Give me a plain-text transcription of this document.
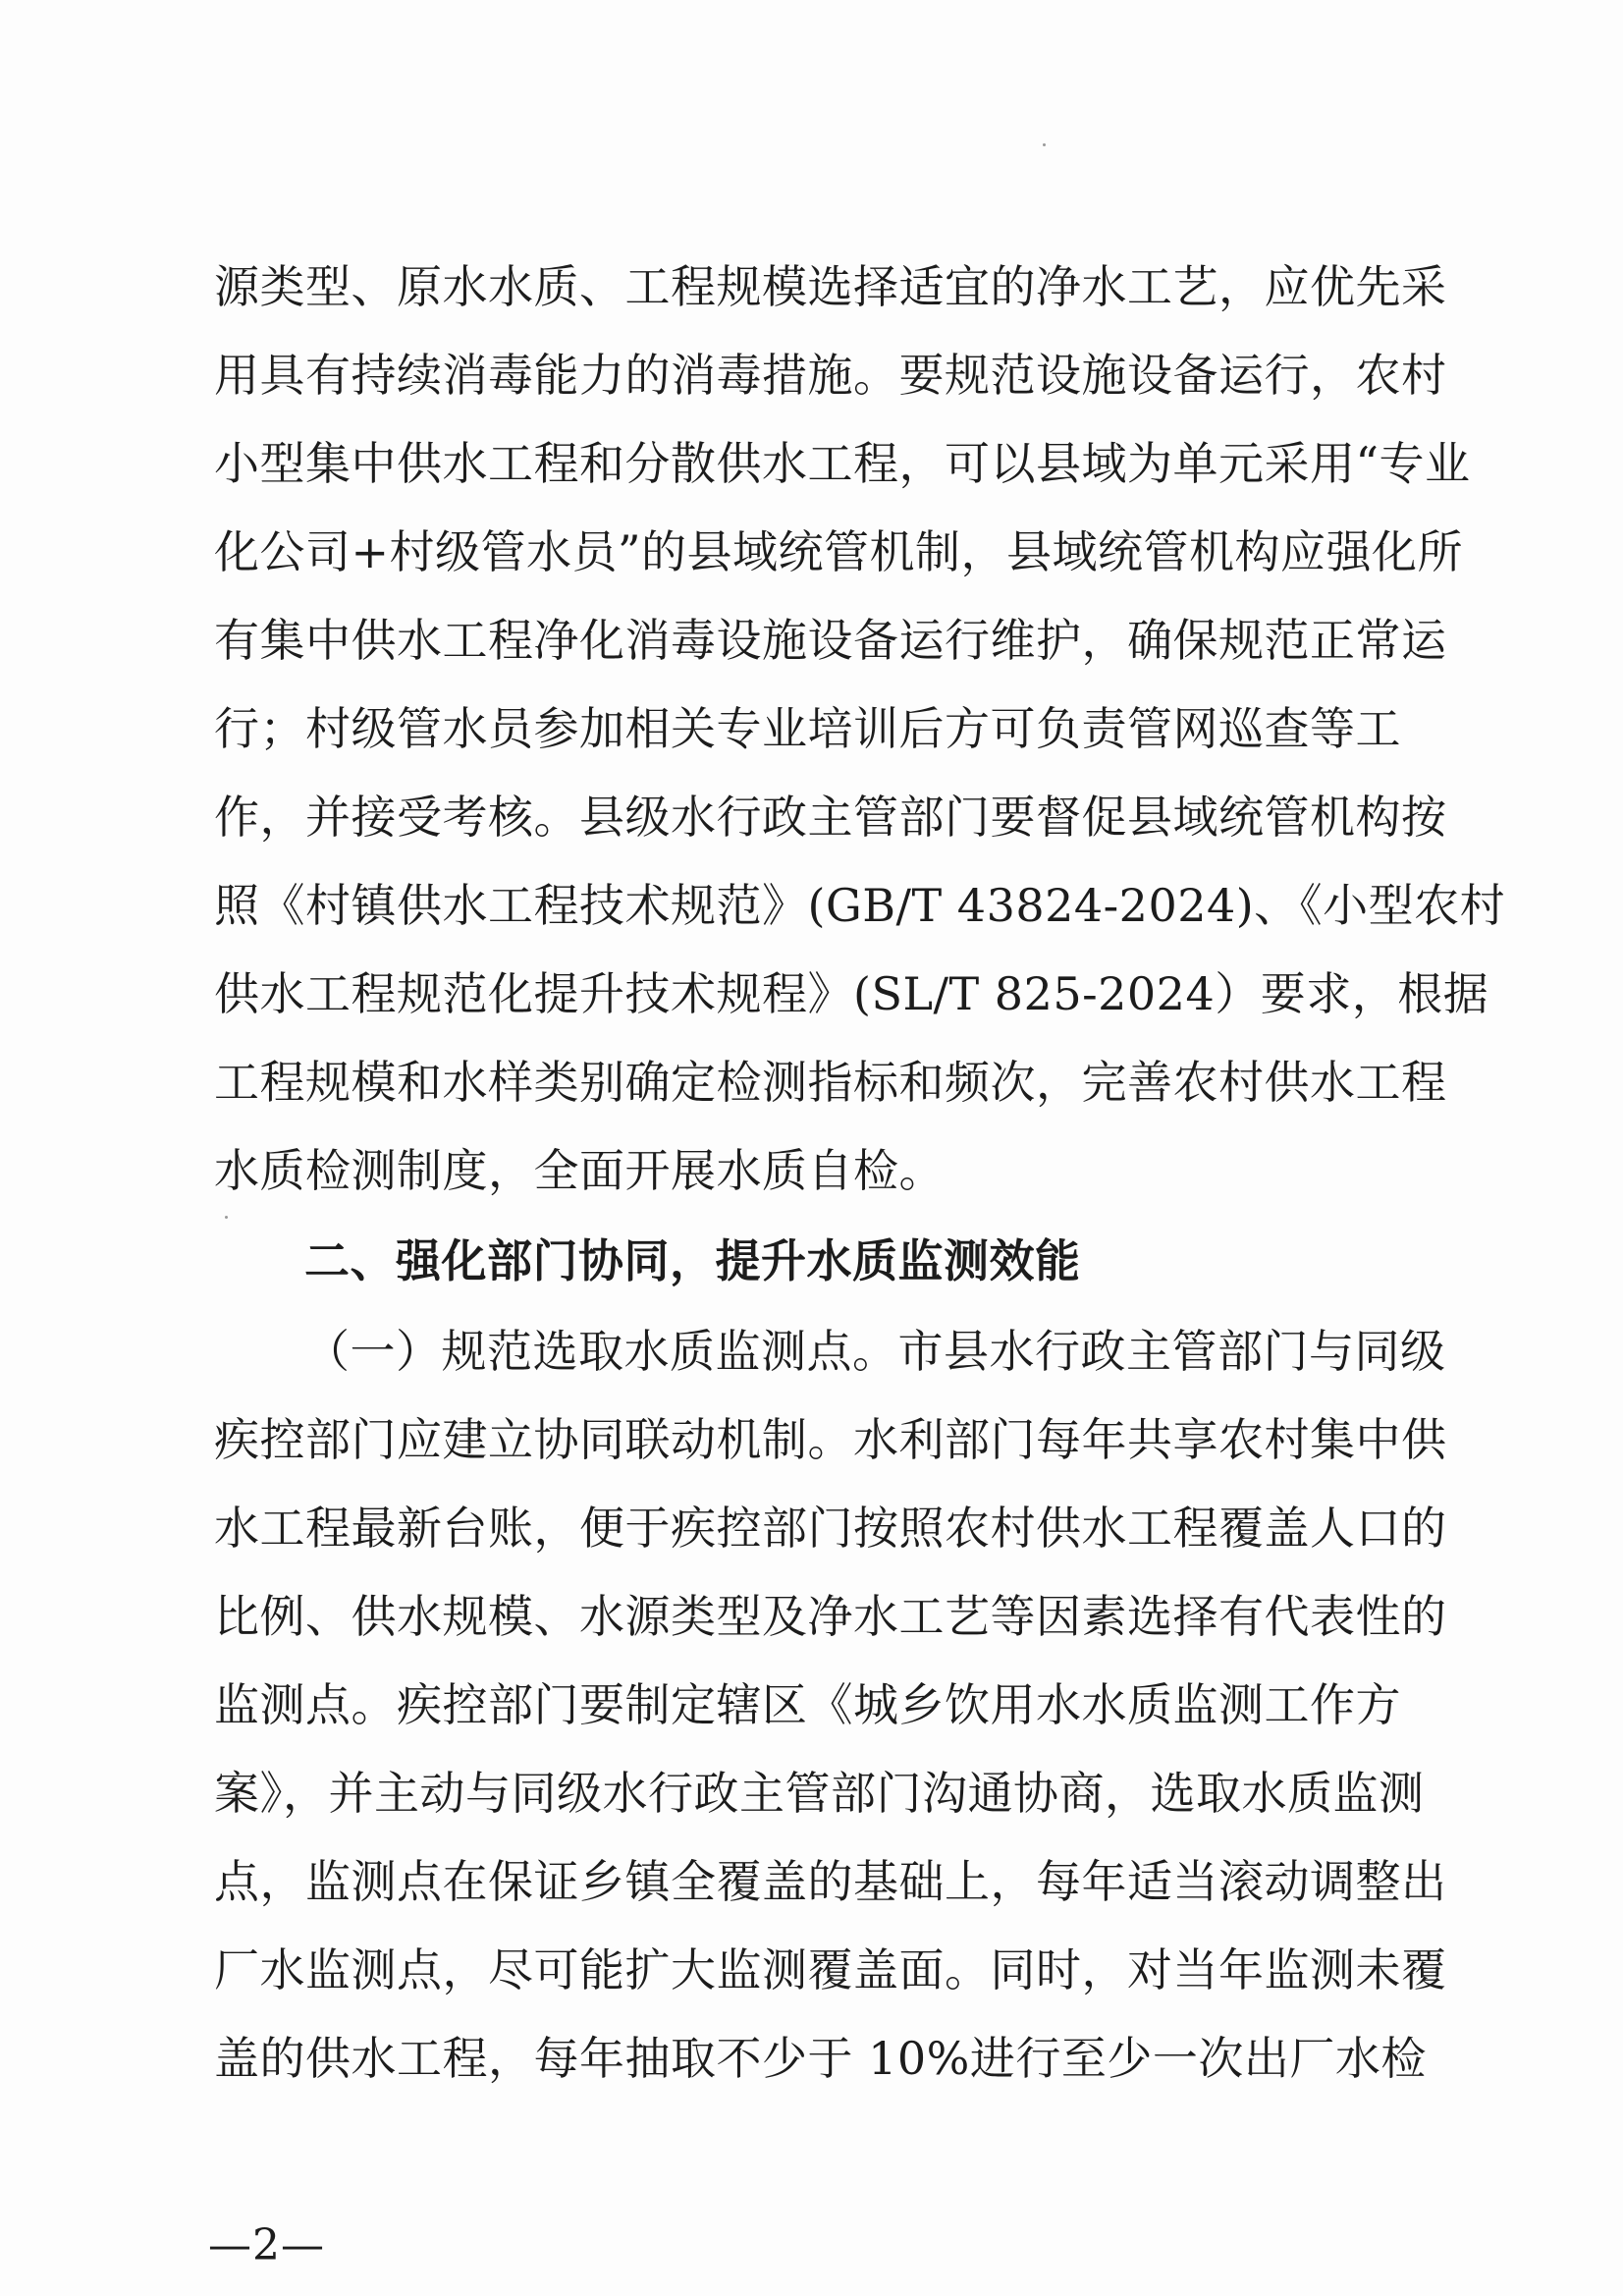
源类型、原水水质、工程规模选择适宜的净水工艺，应优先采
用具有持续消毒能力的消毒措施。要规范设施设备运行，农村
小型集中供水工程和分散供水工程，可以县域为单元采用“专业
化公司+村级管水员”的县域统管机制，县域统管机构应强化所
有集中供水工程净化消毒设施设备运行维护，确保规范正常运
行；村级管水员参加相关专业培训后方可负责管网巡查等工
作，并接受考核。县级水行政主管部门要督促县域统管机构按
照《村镇供水工程技术规范》(GB/T 43824-2024)、《小型农村
供水工程规范化提升技术规程》(SL/T 825-2024）要求，根据
工程规模和水样类别确定检测指标和频次，完善农村供水工程
水质检测制度，全面开展水质自检。
二、强化部门协同，提升水质监测效能
（一）规范选取水质监测点。市县水行政主管部门与同级
疾控部门应建立协同联动机制。水利部门每年共享农村集中供
水工程最新台账，便于疾控部门按照农村供水工程覆盖人口的
比例、供水规模、水源类型及净水工艺等因素选择有代表性的
监测点。疾控部门要制定辖区《城乡饮用水水质监测工作方
案》，并主动与同级水行政主管部门沟通协商，选取水质监测
点，监测点在保证乡镇全覆盖的基础上，每年适当滚动调整出
厂水监测点，尽可能扩大监测覆盖面。同时，对当年监测未覆
盖的供水工程，每年抽取不少于 10%进行至少一次出厂水检
—2—
